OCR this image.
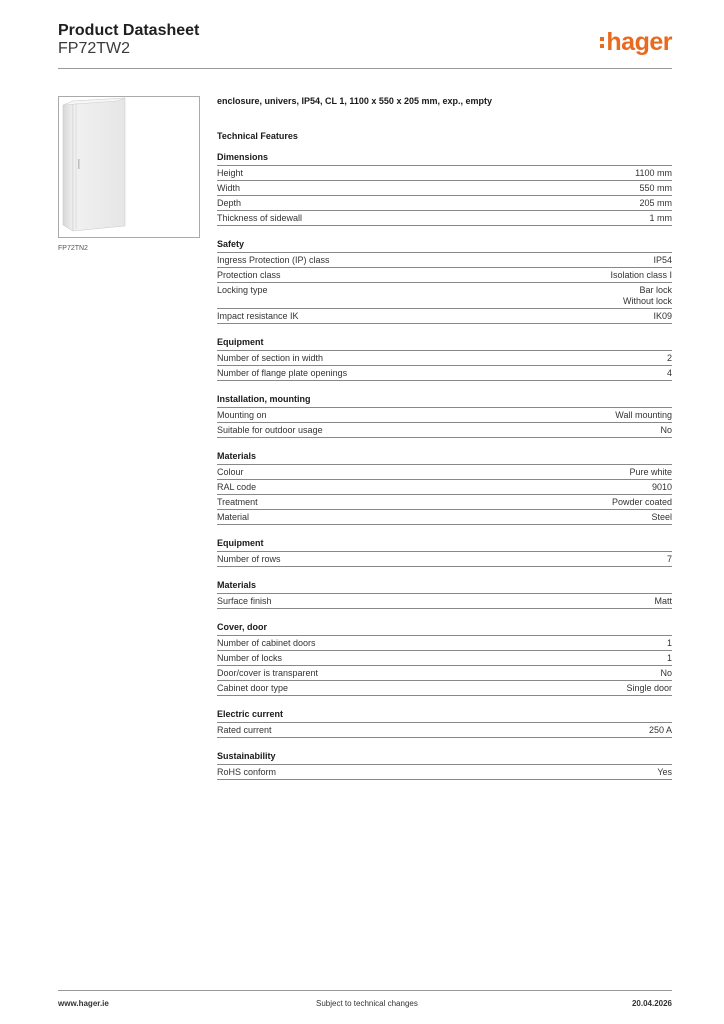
Product Datasheet
FP72TW2	hager
FP72TN2
enclosure, univers, IP54, CL 1, 1100 x 550 x 205 mm, exp., empty
Technical Features
Dimensions
Height	1100 mm
Width	550 mm
Depth	205 mm
Thickness of sidewall	1 mm
Safety
Ingress Protection (IP) class	IP54
Protection class	Isolation class I
Locking type	Bar lock
Without lock
Impact resistance IK	IK09
Equipment
Number of section in width	2
Number of flange plate openings	4
Installation, mounting
Mounting on	Wall mounting
Suitable for outdoor usage	No
Materials
Colour	Pure white
RAL code	9010
Treatment	Powder coated
Material	Steel
Equipment
Number of rows	7
Materials
Surface finish	Matt
Cover, door
Number of cabinet doors	1
Number of locks	1
Door/cover is transparent	No
Cabinet door type	Single door
Electric current
Rated current	250 A
Sustainability
RoHS conform	Yes
www.hager.ie	Subject to technical changes	20.04.2026
